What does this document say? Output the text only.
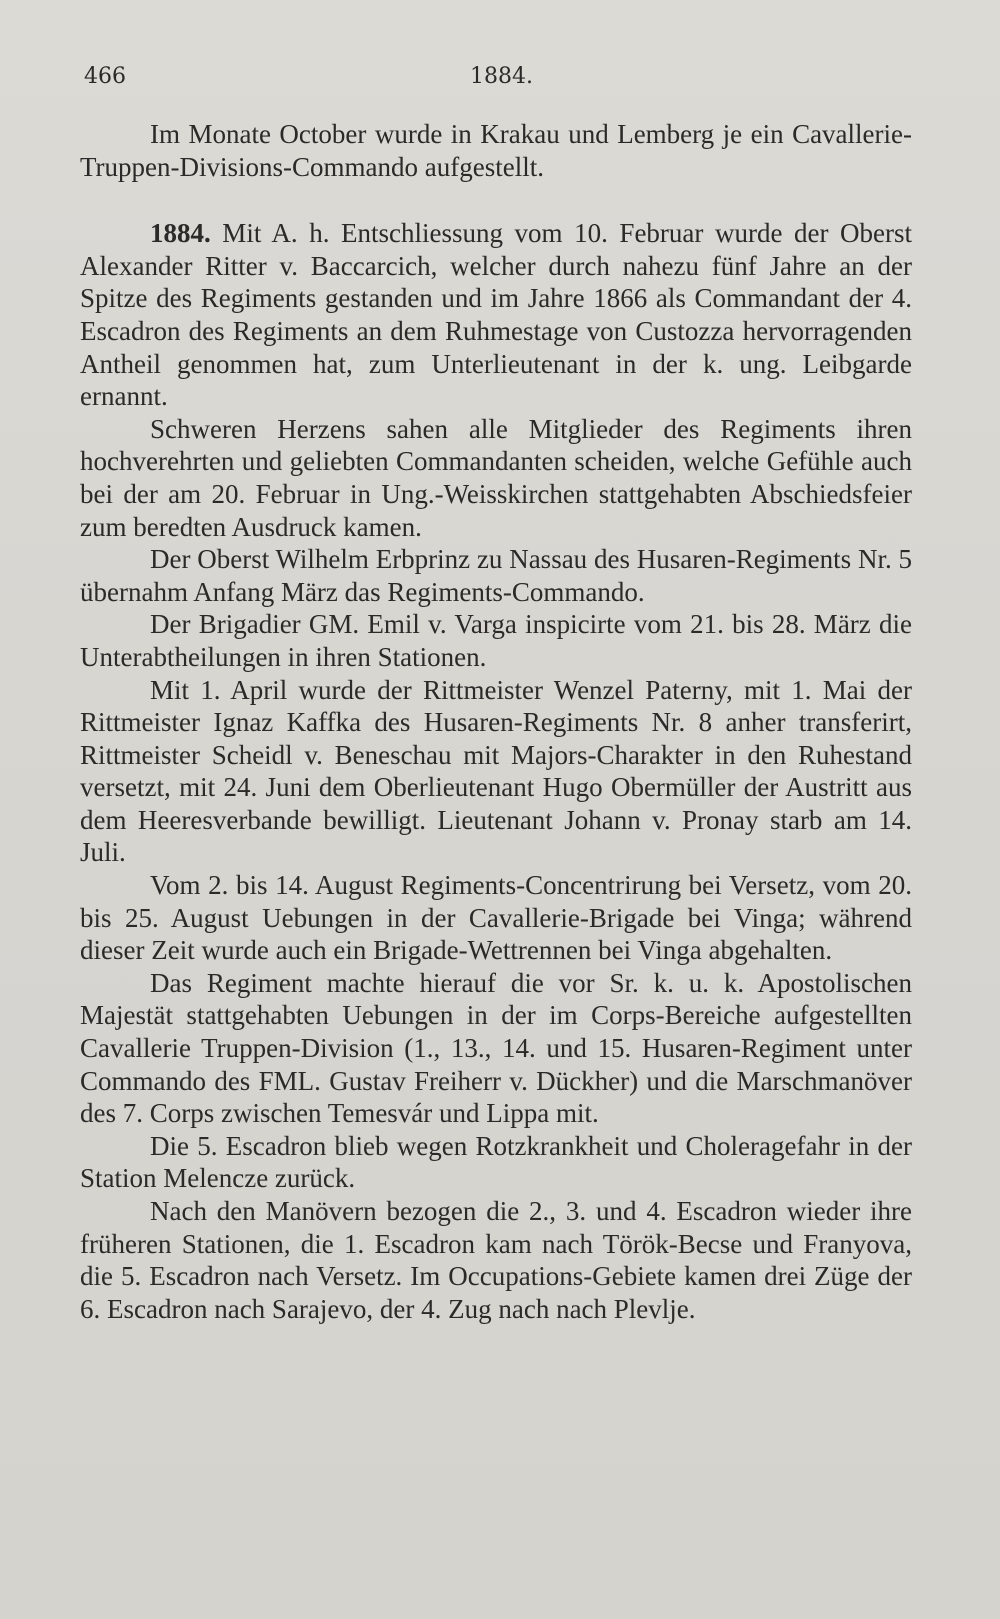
466	1884.

Im Monate October wurde in Krakau und Lemberg je ein Cavallerie-Truppen-Divisions-Commando aufgestellt.

1884. Mit A. h. Entschliessung vom 10. Februar wurde der Oberst Alexander Ritter v. Baccarcich, welcher durch nahezu fünf Jahre an der Spitze des Regiments gestanden und im Jahre 1866 als Commandant der 4. Escadron des Regiments an dem Ruhmestage von Custozza hervorragenden Antheil genommen hat, zum Unterlieutenant in der k. ung. Leibgarde ernannt.

Schweren Herzens sahen alle Mitglieder des Regiments ihren hochverehrten und geliebten Commandanten scheiden, welche Gefühle auch bei der am 20. Februar in Ung.-Weisskirchen stattgehabten Abschiedsfeier zum beredten Ausdruck kamen.

Der Oberst Wilhelm Erbprinz zu Nassau des Husaren-Regiments Nr. 5 übernahm Anfang März das Regiments-Commando.

Der Brigadier GM. Emil v. Varga inspicirte vom 21. bis 28. März die Unterabtheilungen in ihren Stationen.

Mit 1. April wurde der Rittmeister Wenzel Paterny, mit 1. Mai der Rittmeister Ignaz Kaffka des Husaren-Regiments Nr. 8 anher transferirt, Rittmeister Scheidl v. Beneschau mit Majors-Charakter in den Ruhestand versetzt, mit 24. Juni dem Oberlieutenant Hugo Obermüller der Austritt aus dem Heeresverbande bewilligt. Lieutenant Johann v. Pronay starb am 14. Juli.

Vom 2. bis 14. August Regiments-Concentrirung bei Versetz, vom 20. bis 25. August Uebungen in der Cavallerie-Brigade bei Vinga; während dieser Zeit wurde auch ein Brigade-Wettrennen bei Vinga abgehalten.

Das Regiment machte hierauf die vor Sr. k. u. k. Apostolischen Majestät stattgehabten Uebungen in der im Corps-Bereiche aufgestellten Cavallerie Truppen-Division (1., 13., 14. und 15. Husaren-Regiment unter Commando des FML. Gustav Freiherr v. Dückher) und die Marschmanöver des 7. Corps zwischen Temesvár und Lippa mit.

Die 5. Escadron blieb wegen Rotzkrankheit und Choleragefahr in der Station Melencze zurück.

Nach den Manövern bezogen die 2., 3. und 4. Escadron wieder ihre früheren Stationen, die 1. Escadron kam nach Török-Becse und Franyova, die 5. Escadron nach Versetz. Im Occupations-Gebiete kamen drei Züge der 6. Escadron nach Sarajevo, der 4. Zug nach nach Plevlje.
